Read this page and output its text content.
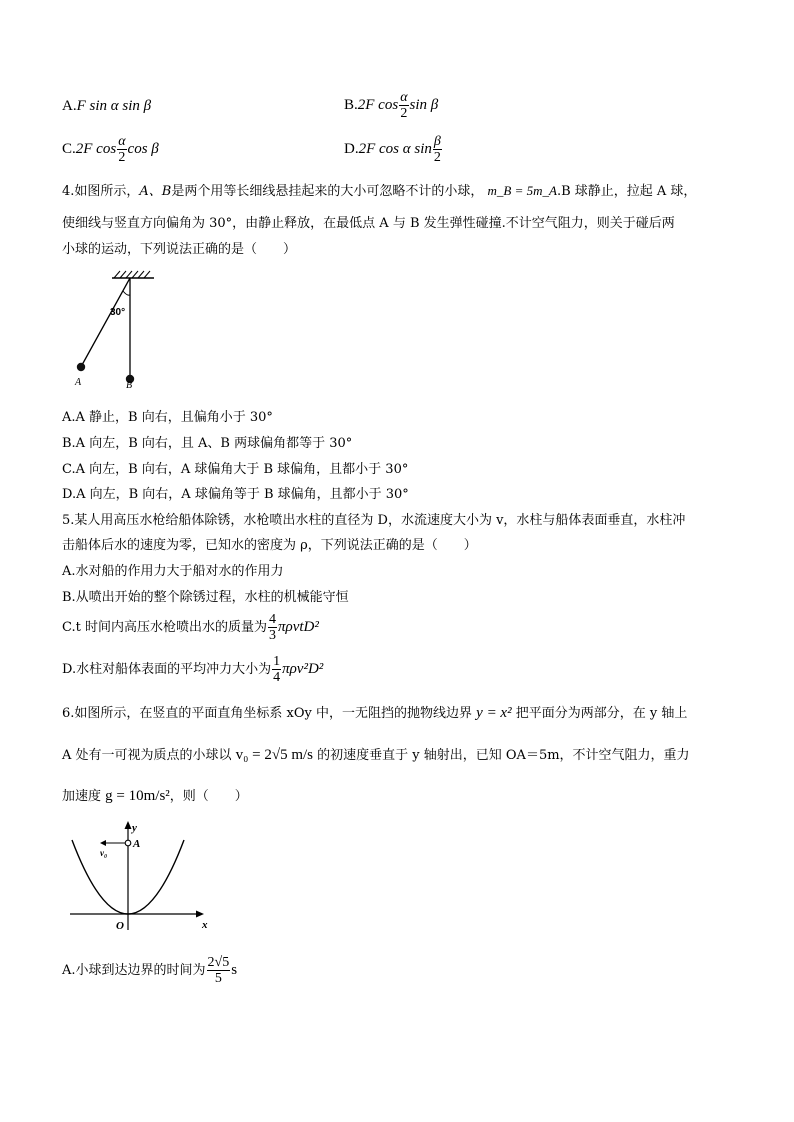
A.F sin α sin β	B.2F $\cos \frac{\alpha}{2}$ sin β
C.2F $\cos \frac{\alpha}{2}$ cos β	D.2F cos α $\sin \frac{\beta}{2}$
4.如图所示，A、B是两个用等长细线悬挂起来的大小可忽略不计的小球， m_B = 5m_A.B 球静止，拉起 A 球，
使细线与竖直方向偏角为 30°，由静止释放，在最低点 A 与 B 发生弹性碰撞.不计空气阻力，则关于碰后两
小球的运动，下列说法正确的是（　　）
30°
A	B
A.A 静止，B 向右，且偏角小于 30°
B.A 向左，B 向右，且 A、B 两球偏角都等于 30°
C.A 向左，B 向右，A 球偏角大于 B 球偏角，且都小于 30°
D.A 向左，B 向右，A 球偏角等于 B 球偏角，且都小于 30°
5.某人用高压水枪给船体除锈，水枪喷出水柱的直径为 D，水流速度大小为 v，水柱与船体表面垂直，水柱冲
击船体后水的速度为零，已知水的密度为 ρ，下列说法正确的是（　　）
A.水对船的作用力大于船对水的作用力
B.从喷出开始的整个除锈过程，水柱的机械能守恒
C.t 时间内高压水枪喷出水的质量为 $\frac{4}{3} \pi\rho vtD^2$
D.水柱对船体表面的平均冲力大小为 $\frac{1}{4} \pi\rho v^2D^2$
6.如图所示，在竖直的平面直角坐标系 xOy 中，一无阻挡的抛物线边界 y = x² 把平面分为两部分，在 y 轴上
A 处有一可视为质点的小球以 v₀ = 2√5 m/s 的初速度垂直于 y 轴射出，已知 OA＝5m，不计空气阻力，重力
加速度 g = 10m/s²，则（　　）
v₀
A
y
x
O
A.小球到达边界的时间为 $\frac{2√5}{5}$ s
